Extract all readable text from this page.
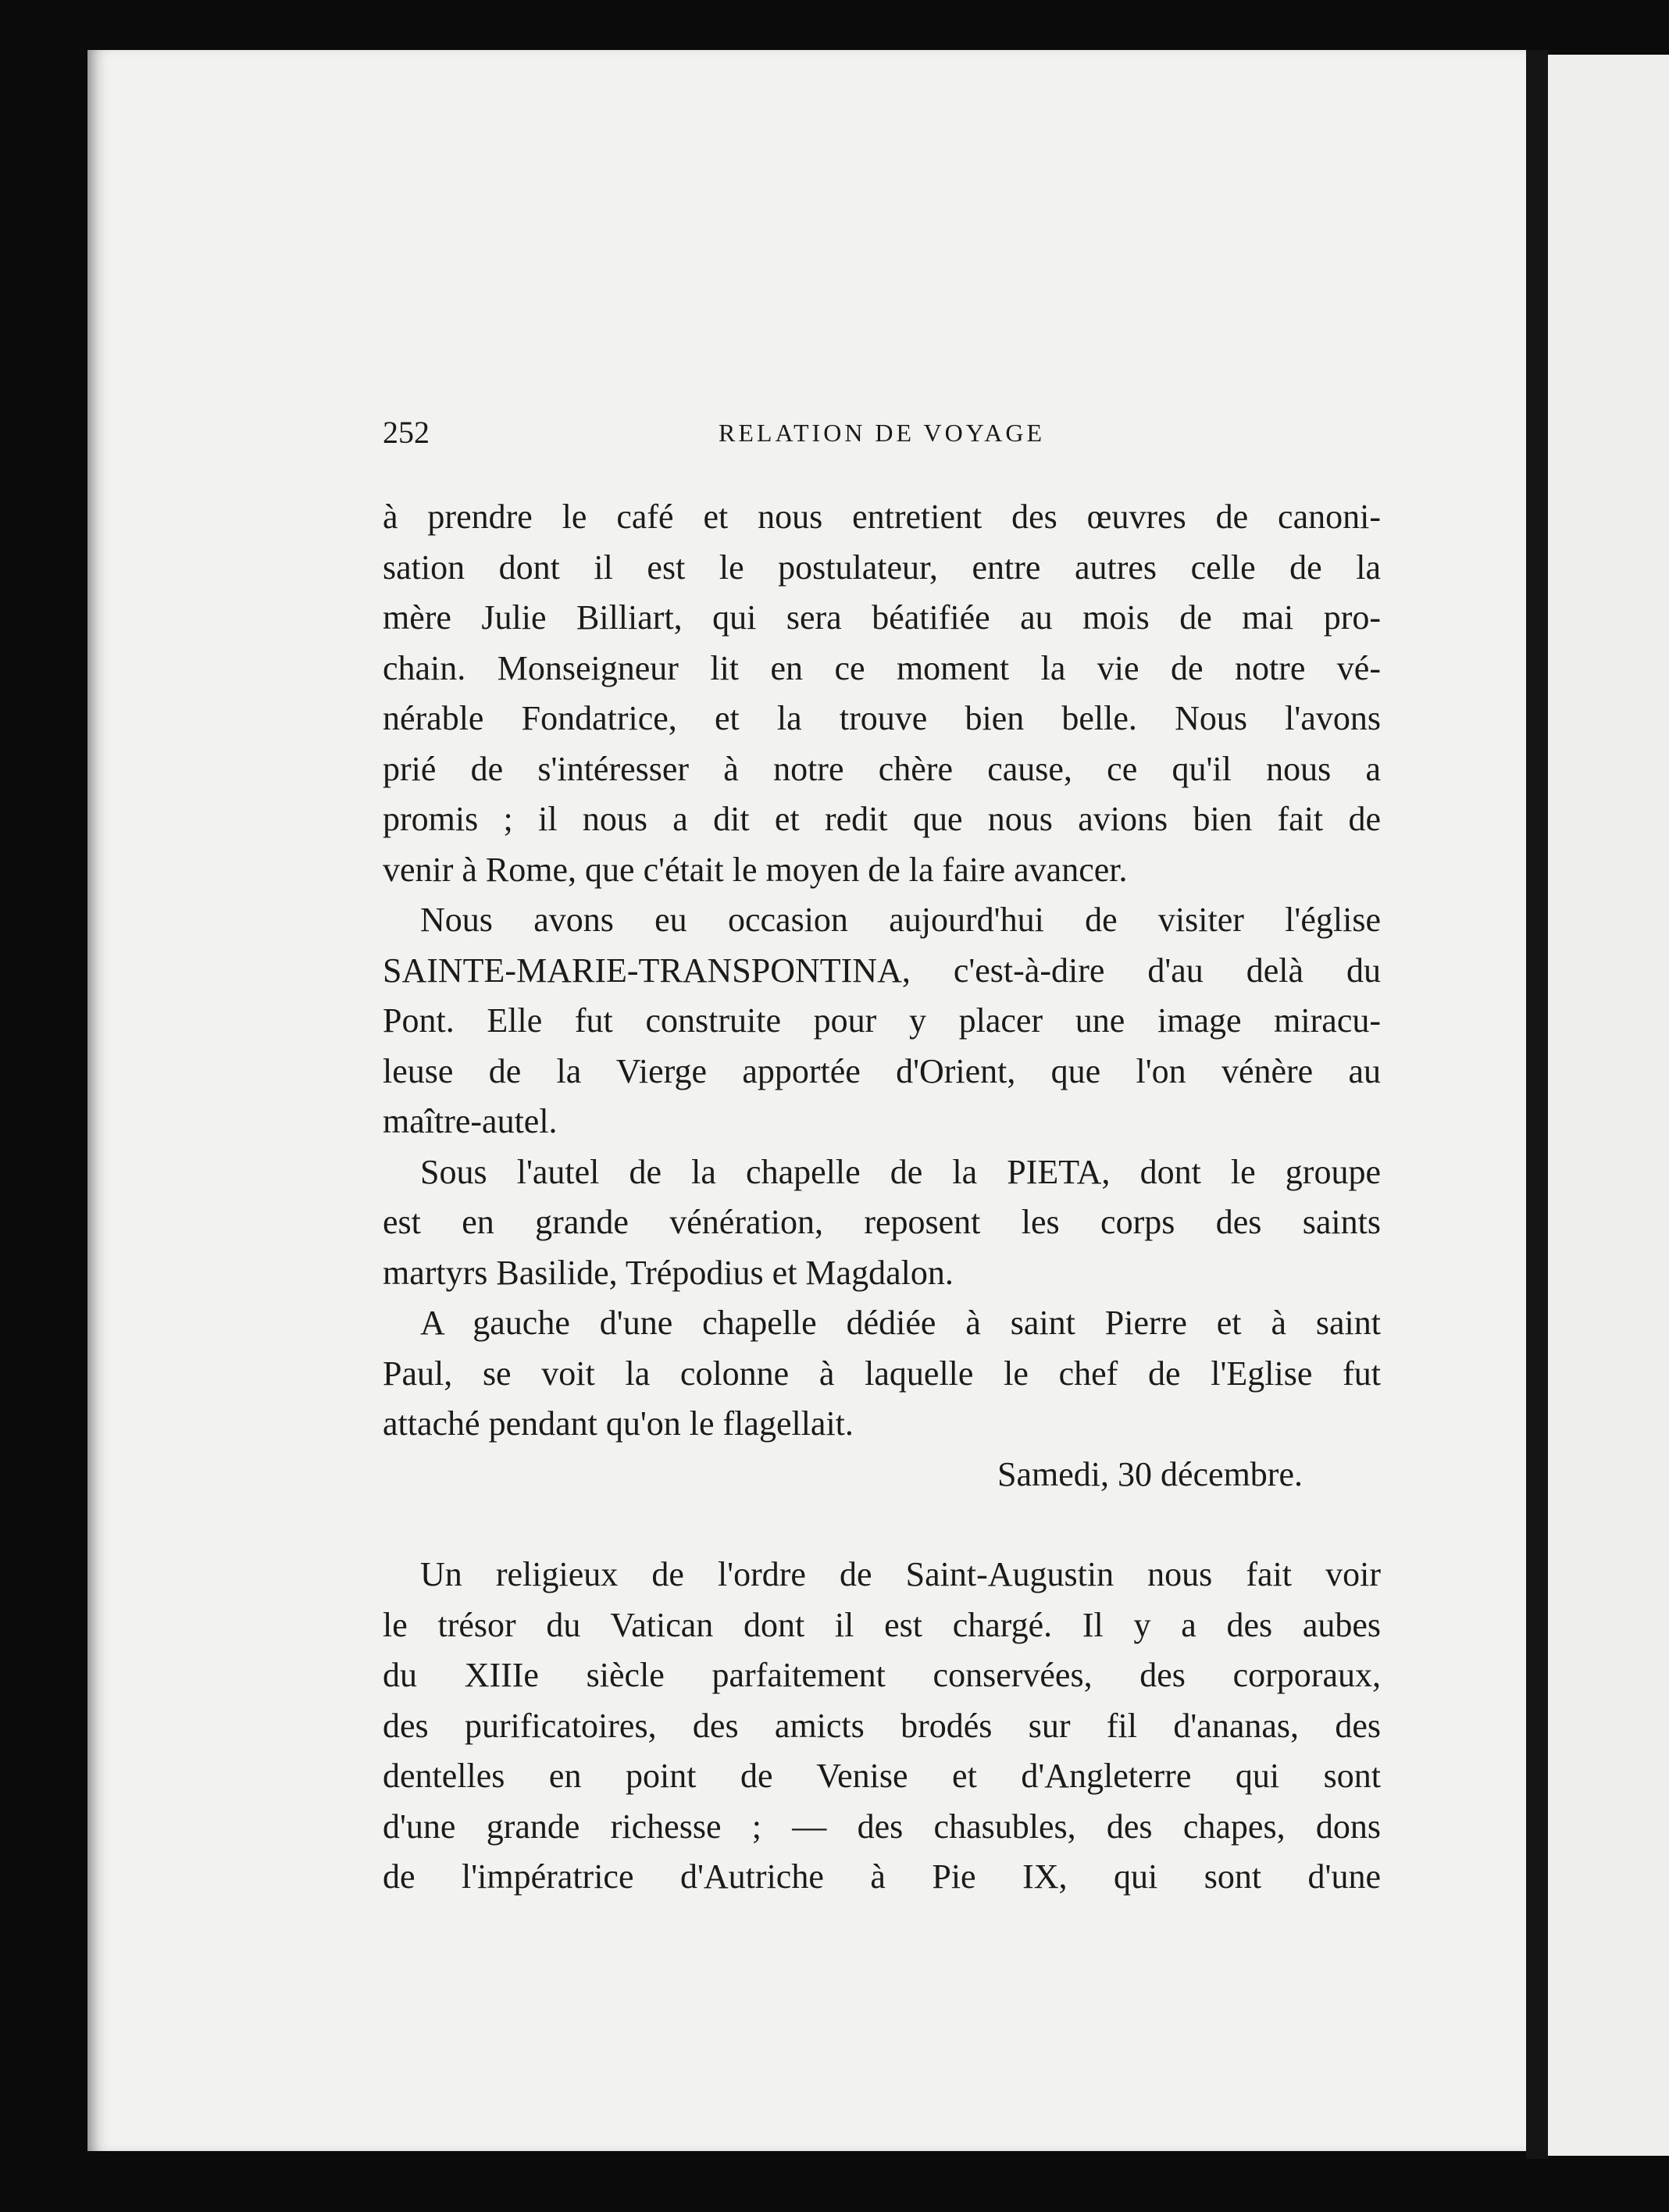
252	RELATION DE VOYAGE
à prendre le café et nous entretient des œuvres de canoni-
sation dont il est le postulateur, entre autres celle de la
mère Julie Billiart, qui sera béatifiée au mois de mai pro-
chain. Monseigneur lit en ce moment la vie de notre vé-
nérable Fondatrice, et la trouve bien belle. Nous l'avons
prié de s'intéresser à notre chère cause, ce qu'il nous a
promis ; il nous a dit et redit que nous avions bien fait de
venir à Rome, que c'était le moyen de la faire avancer.
Nous avons eu occasion aujourd'hui de visiter l'église
SAINTE-MARIE-TRANSPONTINA, c'est-à-dire d'au delà du
Pont. Elle fut construite pour y placer une image miracu-
leuse de la Vierge apportée d'Orient, que l'on vénère au
maître-autel.
Sous l'autel de la chapelle de la PIETA, dont le groupe
est en grande vénération, reposent les corps des saints
martyrs Basilide, Trépodius et Magdalon.
A gauche d'une chapelle dédiée à saint Pierre et à saint
Paul, se voit la colonne à laquelle le chef de l'Eglise fut
attaché pendant qu'on le flagellait.
Samedi, 30 décembre.
Un religieux de l'ordre de Saint-Augustin nous fait voir
le trésor du Vatican dont il est chargé. Il y a des aubes
du XIIIe siècle parfaitement conservées, des corporaux,
des purificatoires, des amicts brodés sur fil d'ananas, des
dentelles en point de Venise et d'Angleterre qui sont
d'une grande richesse ; — des chasubles, des chapes, dons
de l'impératrice d'Autriche à Pie IX, qui sont d'une
